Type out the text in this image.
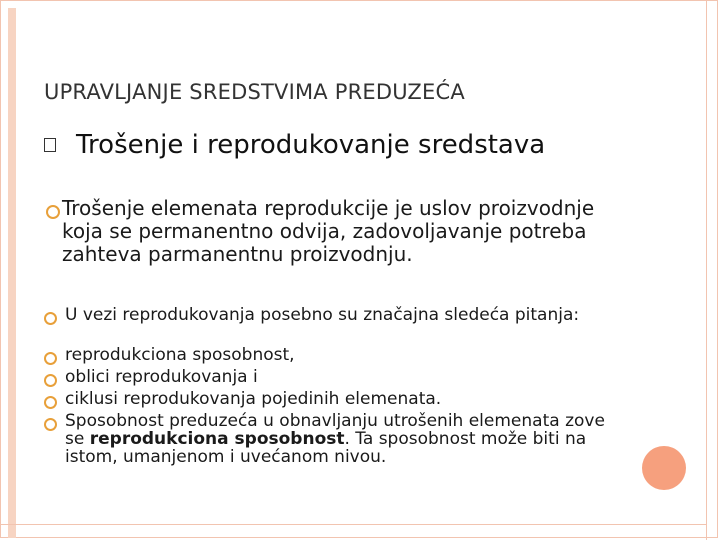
UPRAVLJANJE SREDSTVIMA PREDUZEĆA
Trošenje i reprodukovanje sredstava
Trošenje elemenata reprodukcije je uslov proizvodnje koja se permanentno odvija, zadovoljavanje potreba zahteva parmanentnu proizvodnju.
U vezi reprodukovanja posebno su značajna sledeća pitanja:
reprodukciona sposobnost,
oblici reprodukovanja i
ciklusi reprodukovanja pojedinih elemenata.
Sposobnost preduzeća u obnavljanju utrošenih elemenata zove se reprodukciona sposobnost. Ta sposobnost može biti na istom, umanjenom i uvećanom nivou.
